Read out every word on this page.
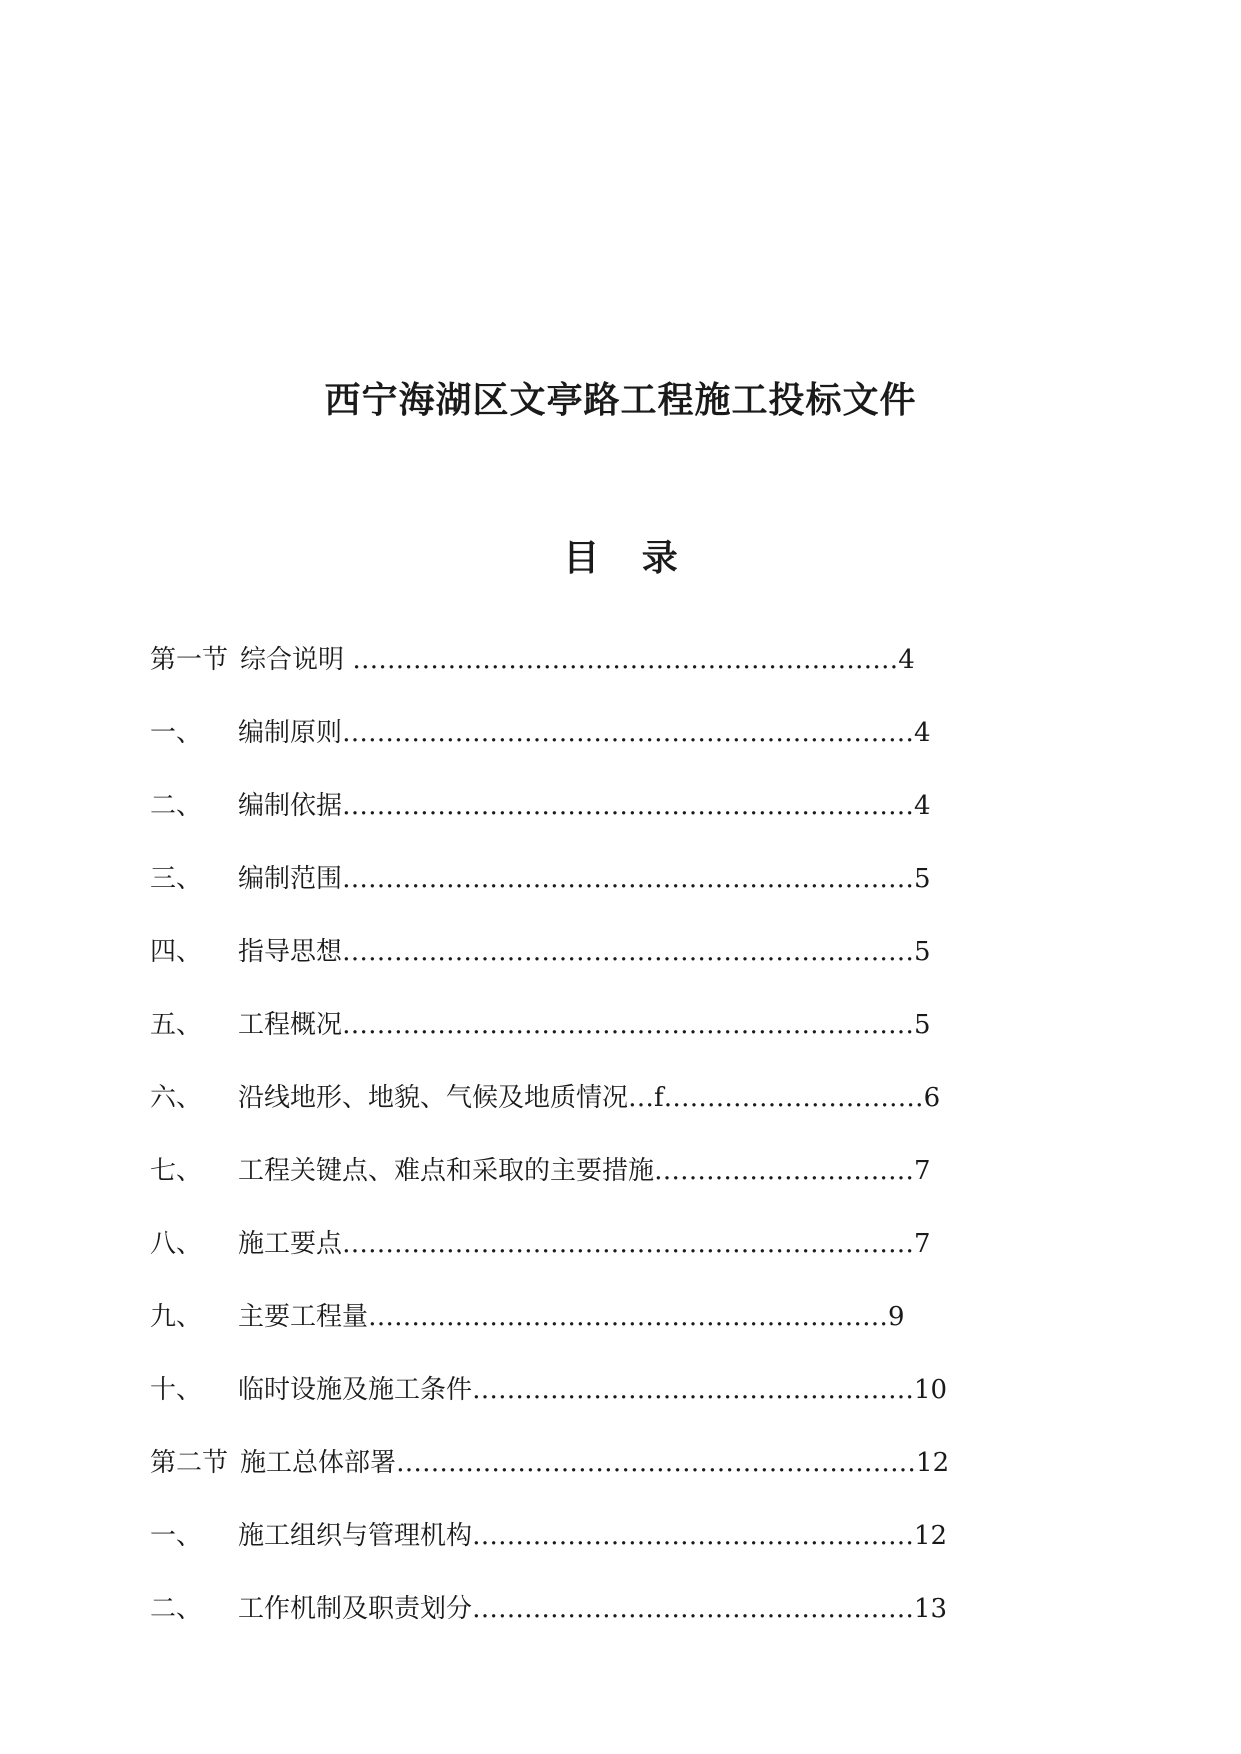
西宁海湖区文亭路工程施工投标文件
目 录
第一节 综合说明 ………………………………………………………4
一、 编制原则…………………………………………………………4
二、 编制依据…………………………………………………………4
三、 编制范围…………………………………………………………5
四、 指导思想…………………………………………………………5
五、 工程概况…………………………………………………………5
六、 沿线地形、地貌、气候及地质情况…f…………………………6
七、 工程关键点、难点和采取的主要措施…………………………7
八、 施工要点…………………………………………………………7
九、 主要工程量……………………………………………………9
十、 临时设施及施工条件……………………………………………10
第二节 施工总体部署……………………………………………………12
一、 施工组织与管理机构……………………………………………12
二、 工作机制及职责划分……………………………………………13
